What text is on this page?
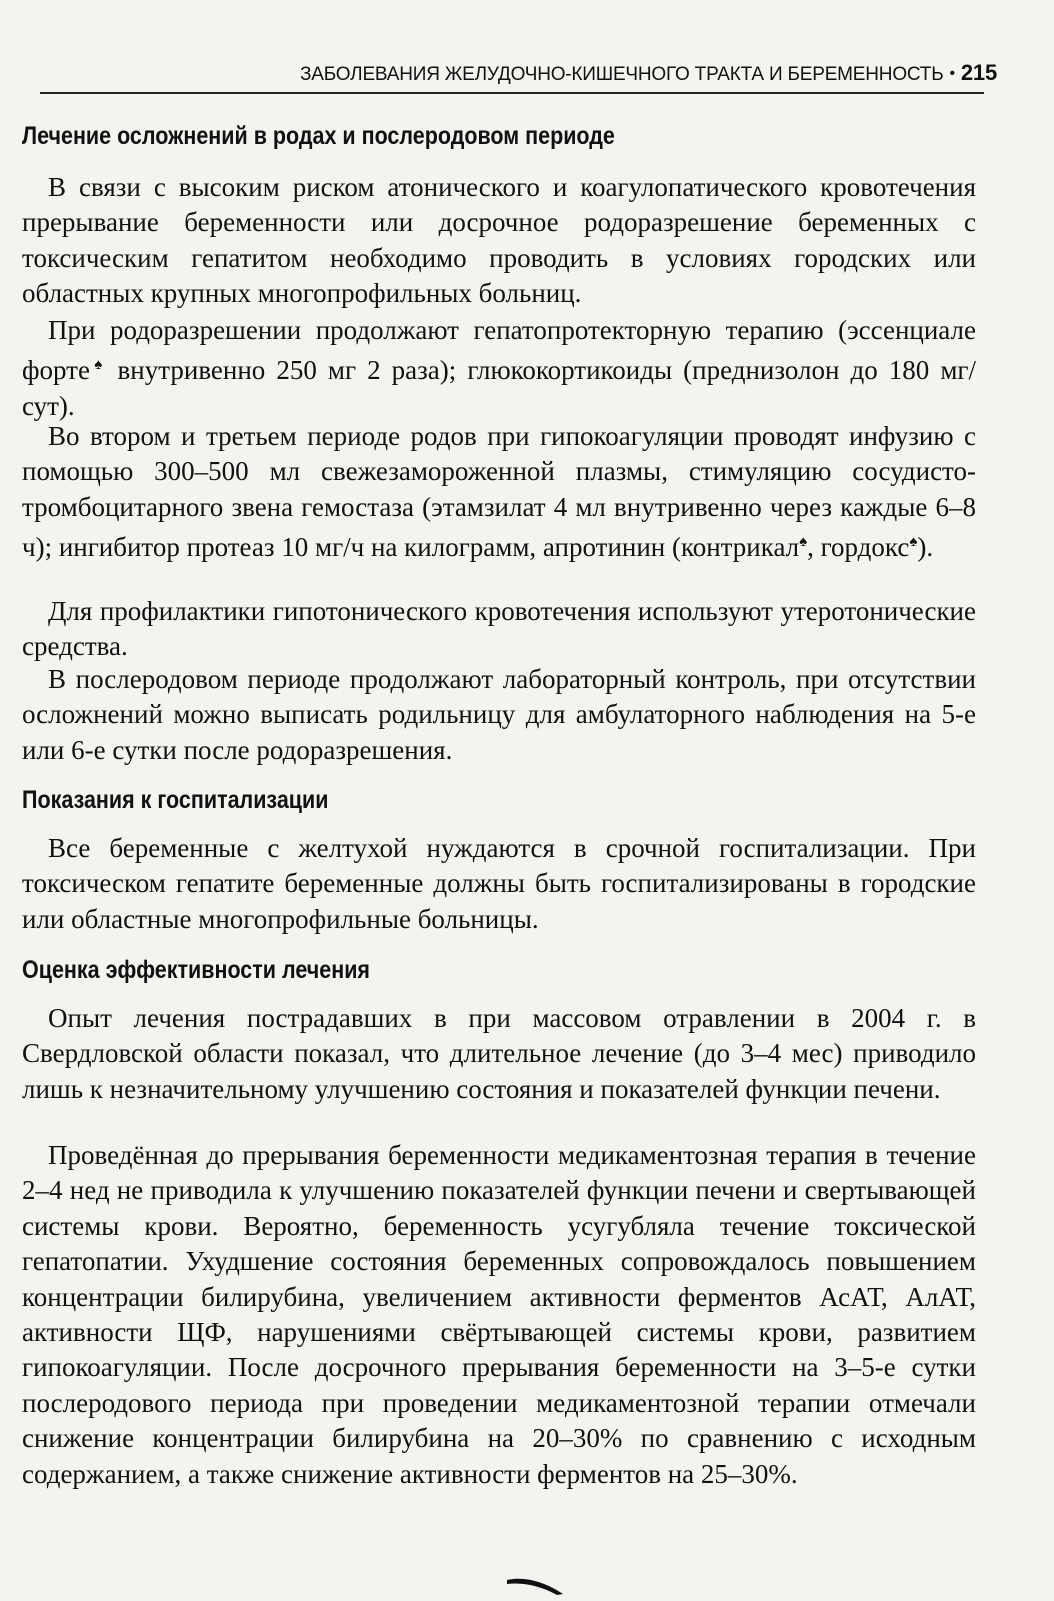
ЗАБОЛЕВАНИЯ ЖЕЛУДОЧНО-КИШЕЧНОГО ТРАКТА И БЕРЕМЕННОСТЬ • 215
Лечение осложнений в родах и послеродовом периоде

В связи с высоким риском атонического и коагулопатического кровотечения прерывание беременности или досрочное родоразрешение беременных с токсическим гепатитом необходимо проводить в условиях городских или областных крупных многопрофильных больниц.

При родоразрешении продолжают гепатопротекторную терапию (эссенциале форте♠ внутривенно 250 мг 2 раза); глюкокортикоиды (преднизолон до 180 мг/сут).

Во втором и третьем периоде родов при гипокоагуляции проводят инфузию с помощью 300–500 мл свежезамороженной плазмы, стимуляцию сосудисто-тромбоцитарного звена гемостаза (этамзилат 4 мл внутривенно через каждые 6–8 ч); ингибитор протеаз 10 мг/ч на килограмм, апротинин (контрикал♠, гордокс♠).

Для профилактики гипотонического кровотечения используют утеротонические средства.

В послеродовом периоде продолжают лабораторный контроль, при отсутствии осложнений можно выписать родильницу для амбулаторного наблюдения на 5-е или 6-е сутки после родоразрешения.

Показания к госпитализации

Все беременные с желтухой нуждаются в срочной госпитализации. При токсическом гепатите беременные должны быть госпитализированы в городские или областные многопрофильные больницы.

Оценка эффективности лечения

Опыт лечения пострадавших в при массовом отравлении в 2004 г. в Свердловской области показал, что длительное лечение (до 3–4 мес) приводило лишь к незначительному улучшению состояния и показателей функции печени.

Проведённая до прерывания беременности медикаментозная терапия в течение 2–4 нед не приводила к улучшению показателей функции печени и свертывающей системы крови. Вероятно, беременность усугубляла течение токсической гепатопатии. Ухудшение состояния беременных сопровождалось повышением концентрации билирубина, увеличением активности ферментов АсАТ, АлАТ, активности ЩФ, нарушениями свёртывающей системы крови, развитием гипокоагуляции. После досрочного прерывания беременности на 3–5-е сутки послеродового периода при проведении медикаментозной терапии отмечали снижение концентрации билирубина на 20–30% по сравнению с исходным содержанием, а также снижение активности ферментов на 25–30%.
